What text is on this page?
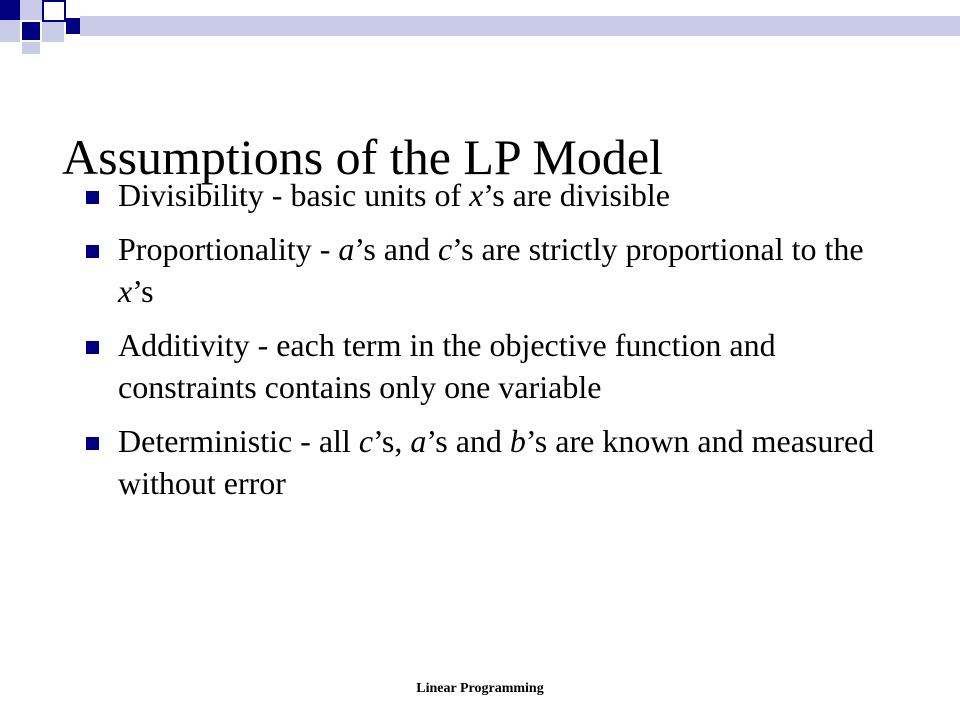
Assumptions of the LP Model
Divisibility - basic units of x’s are divisible
Proportionality - a’s and c’s are strictly proportional to the x’s
Additivity - each term in the objective function and constraints contains only one variable
Deterministic - all c’s, a’s and b’s are known and measured without error
Linear Programming
